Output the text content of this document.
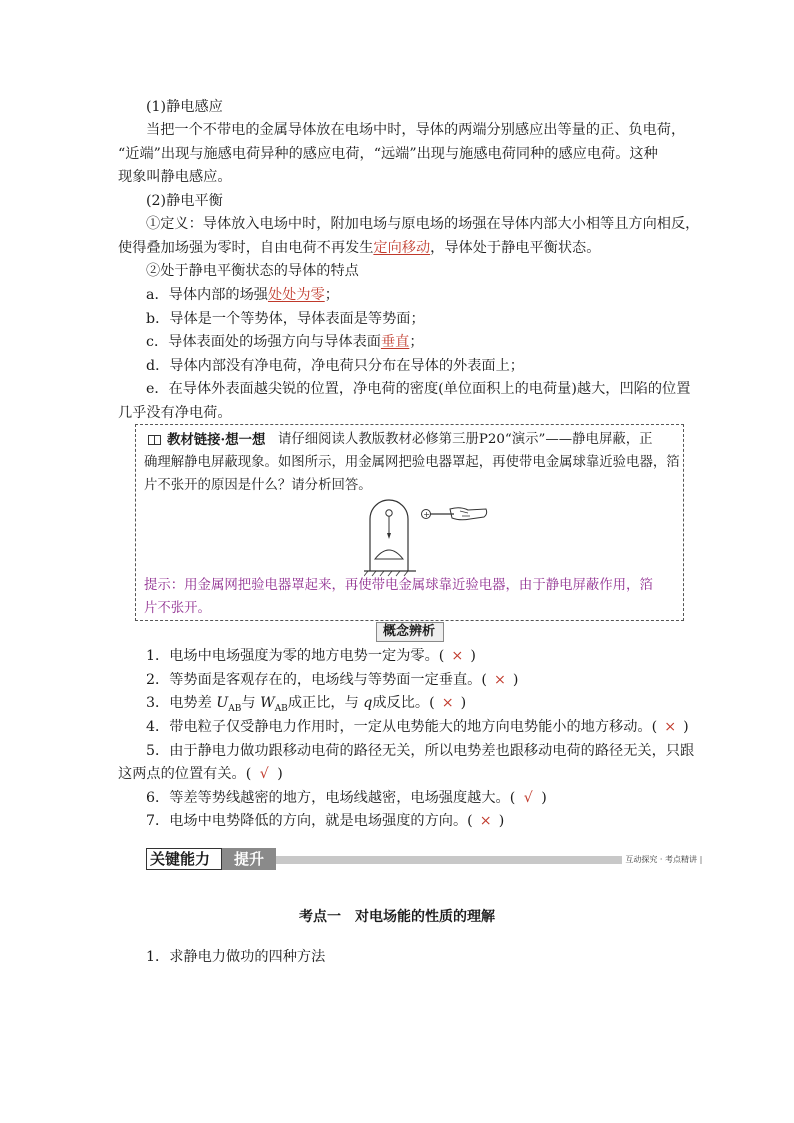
(1)静电感应
当把一个不带电的金属导体放在电场中时，导体的两端分别感应出等量的正、负电荷，
“近端”出现与施感电荷异种的感应电荷，“远端”出现与施感电荷同种的感应电荷。这种
现象叫静电感应。
(2)静电平衡
①定义：导体放入电场中时，附加电场与原电场的场强在导体内部大小相等且方向相反，
使得叠加场强为零时，自由电荷不再发生定向移动，导体处于静电平衡状态。
②处于静电平衡状态的导体的特点
a．导体内部的场强处处为零；
b．导体是一个等势体，导体表面是等势面；
c．导体表面处的场强方向与导体表面垂直；
d．导体内部没有净电荷，净电荷只分布在导体的外表面上；
e．在导体外表面越尖锐的位置，净电荷的密度(单位面积上的电荷量)越大，凹陷的位置
几乎没有净电荷。
教材链接·想一想 请仔细阅读人教版教材必修第三册P20“演示”——静电屏蔽，正
确理解静电屏蔽现象。如图所示，用金属网把验电器罩起，再使带电金属球靠近验电器，箔
片不张开的原因是什么？请分析回答。
+
提示：用金属网把验电器罩起来，再使带电金属球靠近验电器，由于静电屏蔽作用，箔
片不张开。
概念辨析
1．电场中电场强度为零的地方电势一定为零。( × )
2．等势面是客观存在的，电场线与等势面一定垂直。( × )
3．电势差 $U_{AB}$与 $W_{AB}$成正比，与 q成反比。( × )
4．带电粒子仅受静电力作用时，一定从电势能大的地方向电势能小的地方移动。( × )
5．由于静电力做功跟移动电荷的路径无关，所以电势差也跟移动电荷的路径无关，只跟
这两点的位置有关。( √ )
6．等差等势线越密的地方，电场线越密，电场强度越大。( √ )
7．电场中电势降低的方向，就是电场强度的方向。( × )
关键能力	提升	互动探究 · 考点精讲
考点一　对电场能的性质的理解
1．求静电力做功的四种方法
